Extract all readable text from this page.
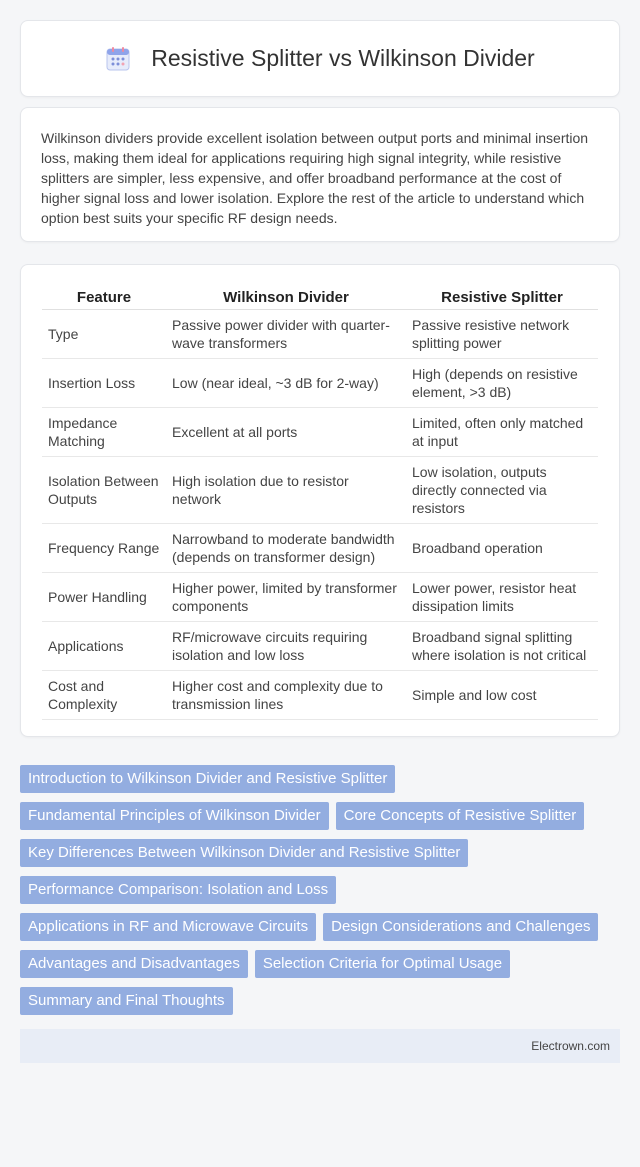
Resistive Splitter vs Wilkinson Divider

Wilkinson dividers provide excellent isolation between output ports and minimal insertion loss, making them ideal for applications requiring high signal integrity, while resistive splitters are simpler, less expensive, and offer broadband performance at the cost of higher signal loss and lower isolation. Explore the rest of the article to understand which option best suits your specific RF design needs.

Feature	Wilkinson Divider	Resistive Splitter
Type	Passive power divider with quarter-wave transformers	Passive resistive network splitting power
Insertion Loss	Low (near ideal, ~3 dB for 2-way)	High (depends on resistive element, >3 dB)
Impedance Matching	Excellent at all ports	Limited, often only matched at input
Isolation Between Outputs	High isolation due to resistor network	Low isolation, outputs directly connected via resistors
Frequency Range	Narrowband to moderate bandwidth (depends on transformer design)	Broadband operation
Power Handling	Higher power, limited by transformer components	Lower power, resistor heat dissipation limits
Applications	RF/microwave circuits requiring isolation and low loss	Broadband signal splitting where isolation is not critical
Cost and Complexity	Higher cost and complexity due to transmission lines	Simple and low cost
Introduction to Wilkinson Divider and Resistive Splitter
Fundamental Principles of Wilkinson Divider	Core Concepts of Resistive Splitter
Key Differences Between Wilkinson Divider and Resistive Splitter
Performance Comparison: Isolation and Loss
Applications in RF and Microwave Circuits	Design Considerations and Challenges
Advantages and Disadvantages	Selection Criteria for Optimal Usage
Summary and Final Thoughts
Electrown.com
